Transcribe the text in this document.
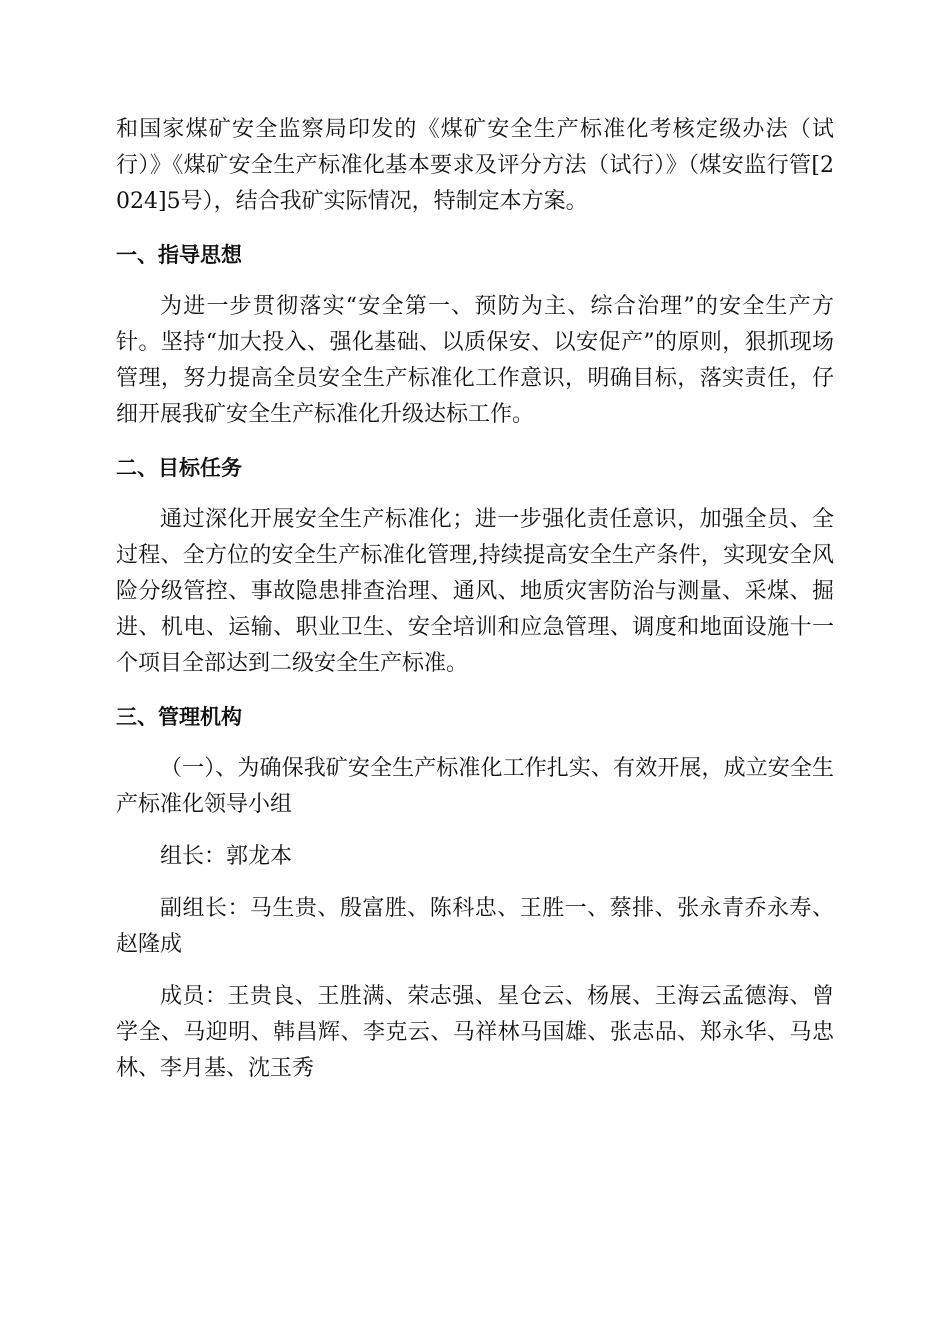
和国家煤矿安全监察局印发的《煤矿安全生产标准化考核定级办法（试行）》《煤矿安全生产标准化基本要求及评分方法（试行）》（煤安监行管[2024]5号），结合我矿实际情况，特制定本方案。

一、指导思想

为进一步贯彻落实“安全第一、预防为主、综合治理”的安全生产方针。坚持“加大投入、强化基础、以质保安、以安促产”的原则，狠抓现场管理，努力提高全员安全生产标准化工作意识，明确目标，落实责任，仔细开展我矿安全生产标准化升级达标工作。

二、目标任务

通过深化开展安全生产标准化；进一步强化责任意识，加强全员、全过程、全方位的安全生产标准化管理,持续提高安全生产条件，实现安全风险分级管控、事故隐患排查治理、通风、地质灾害防治与测量、采煤、掘进、机电、运输、职业卫生、安全培训和应急管理、调度和地面设施十一个项目全部达到二级安全生产标准。

三、管理机构

（一）、为确保我矿安全生产标准化工作扎实、有效开展，成立安全生产标准化领导小组

组长：郭龙本

副组长：马生贵、殷富胜、陈科忠、王胜一、蔡排、张永青乔永寿、赵隆成

成员：王贵良、王胜满、荣志强、星仓云、杨展、王海云孟德海、曾学全、马迎明、韩昌辉、李克云、马祥林马国雄、张志品、郑永华、马忠林、李月基、沈玉秀
